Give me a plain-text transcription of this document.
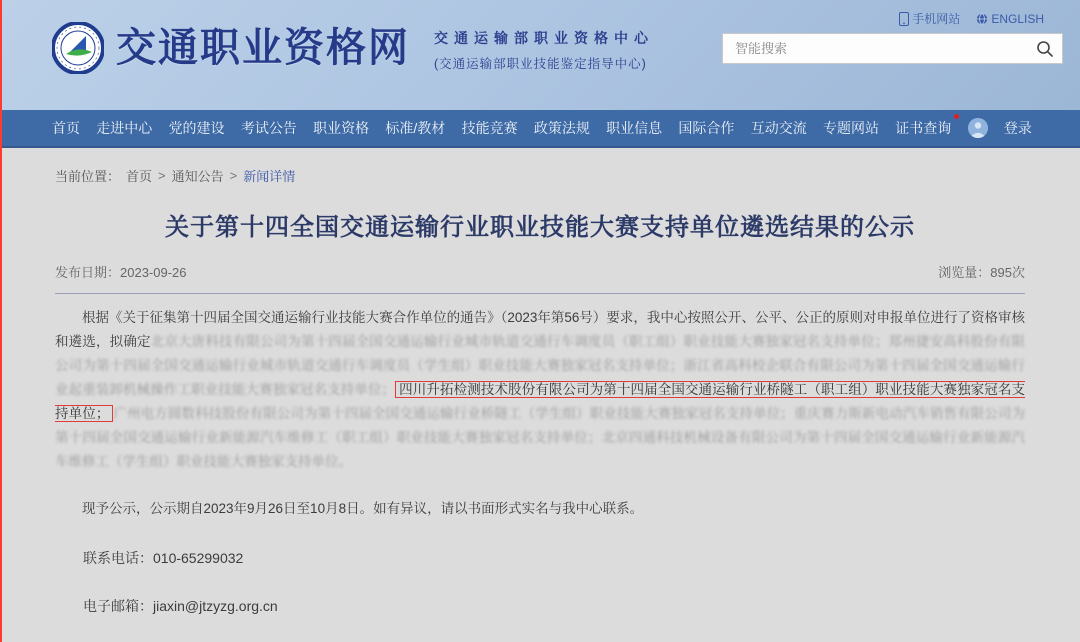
手机网站	ENGLISH
交通职业资格网 交通运输部职业资格中心
(交通运输部职业技能鉴定指导中心)
智能搜索
首页 走进中心 党的建设 考试公告 职业资格 标准/教材 技能竞赛 政策法规 职业信息 国际合作 互动交流 专题网站 证书查询	登录
当前位置： 首页 > 通知公告 > 新闻详情
关于第十四全国交通运输行业职业技能大赛支持单位遴选结果的公示
发布日期：2023-09-26	浏览量：895次

根据《关于征集第十四届全国交通运输行业技能大赛合作单位的通告》（2023年第56号）要求，我中心按照公开、公平、公正的原则对申报单位进行了资格审核和遴选，拟确定北京大唐科技有限公司为第十四届全国交通运输行业城市轨道交通行车调度员（职工组）职业技能大赛独家冠名支持单位；郑州捷安高科股份有限公司为第十四届全国交通运输行业城市轨道交通行车调度员（学生组）职业技能大赛独家冠名支持单位；浙江省高科校企联合有限公司为第十四届全国交通运输行业起重装卸机械操作工职业技能大赛独家冠名支持单位； 四川升拓检测技术股份有限公司为第十四届全国交通运输行业桥隧工（职工组）职业技能大赛独家冠名支持单位； 广州电方圆数科技股份有限公司为第十四届全国交通运输行业桥隧工（学生组）职业技能大赛独家冠名支持单位；重庆赛力斯新电动汽车销售有限公司为第十四届全国交通运输行业新能源汽车维修工（职工组）职业技能大赛独家冠名支持单位；北京四通科技机械设备有限公司为第十四届全国交通运输行业新能源汽车维修工（学生组）职业技能大赛独家支持单位。

现予公示，公示期自2023年9月26日至10月8日。如有异议，请以书面形式实名与我中心联系。

联系电话：010-65299032

电子邮箱：jiaxin@jtzyzg.org.cn
